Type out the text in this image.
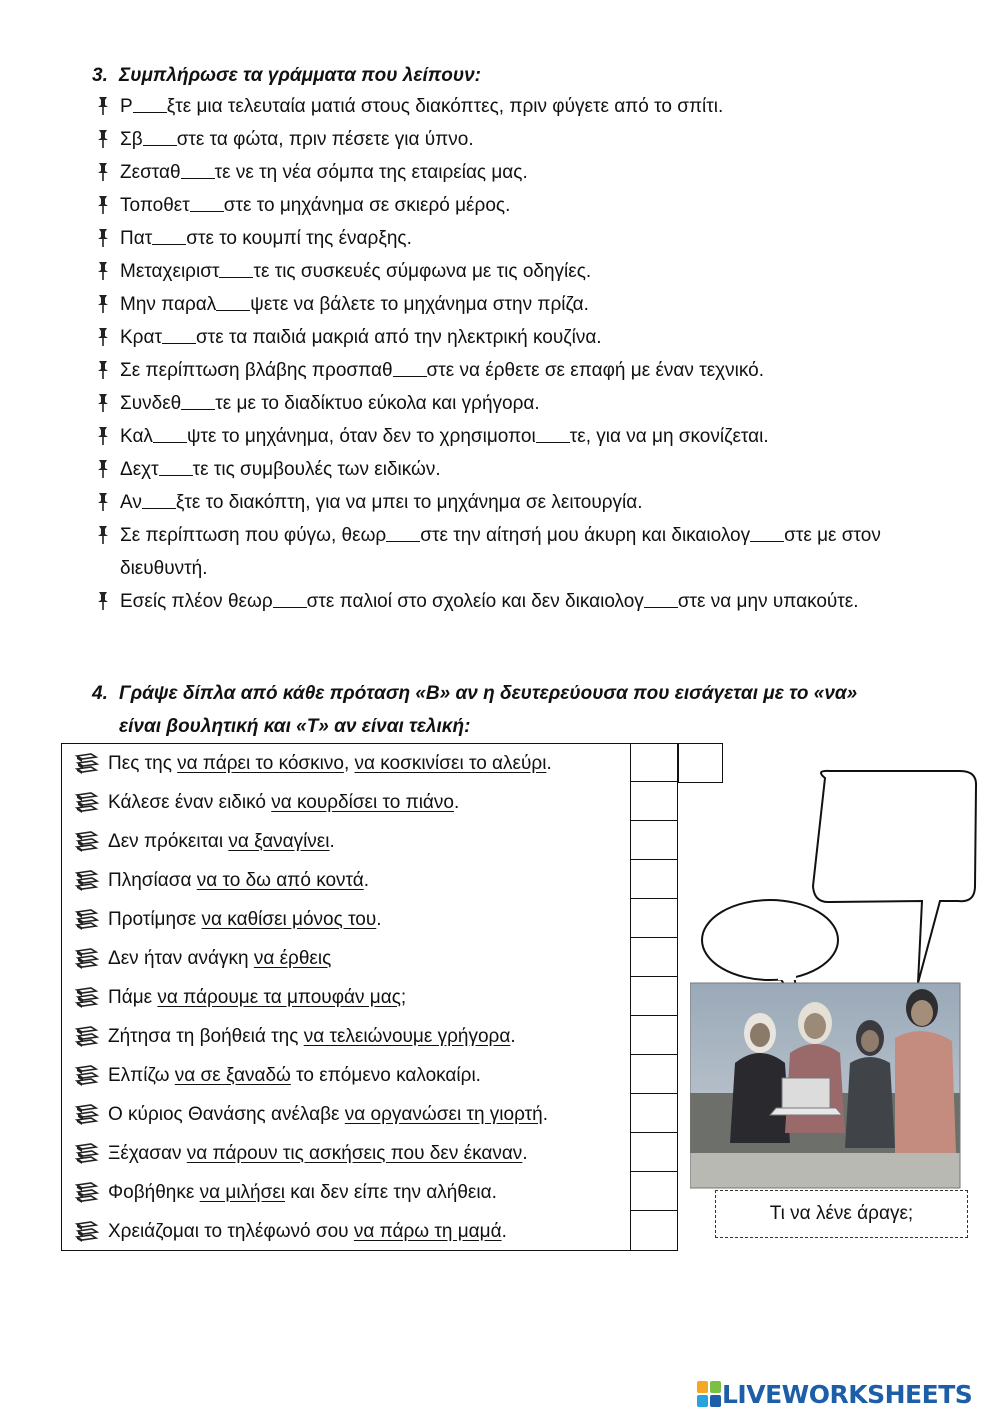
3. Συμπλήρωσε τα γράμματα που λείπουν:
Ρ ξτε μια τελευταία ματιά στους διακόπτες, πριν φύγετε από το σπίτι.
Σβ στε τα φώτα, πριν πέσετε για ύπνο.
Ζεσταθ τε νε τη νέα σόμπα της εταιρείας μας.
Τοποθετ στε το μηχάνημα σε σκιερό μέρος.
Πατ στε το κουμπί της έναρξης.
Μεταχειριστ τε τις συσκευές σύμφωνα με τις οδηγίες.
Μην παραλ ψετε να βάλετε το μηχάνημα στην πρίζα.
Κρατ στε τα παιδιά μακριά από την ηλεκτρική κουζίνα.
Σε περίπτωση βλάβης προσπαθ στε να έρθετε σε επαφή με έναν τεχνικό.
Συνδεθ τε με το διαδίκτυο εύκολα και γρήγορα.
Καλ ψτε το μηχάνημα, όταν δεν το χρησιμοποι τε, για να μη σκονίζεται.
Δεχτ τε τις συμβουλές των ειδικών.
Αν ξτε το διακόπτη, για να μπει το μηχάνημα σε λειτουργία.
Σε περίπτωση που φύγω, θεωρ στε την αίτησή μου άκυρη και δικαιολογ στε με στον διευθυντή.
Εσείς πλέον θεωρ στε παλιοί στο σχολείο και δεν δικαιολογ στε να μην υπακούτε.
4. Γράψε δίπλα από κάθε πρόταση «Β» αν η δευτερεύουσα που εισάγεται με το «να»
είναι βουλητική και «Τ» αν είναι τελική:
Πες της να πάρει το κόσκινο, να κοσκινίσει το αλεύρι.
Κάλεσε έναν ειδικό να κουρδίσει το πιάνο.
Δεν πρόκειται να ξαναγίνει.
Πλησίασα να το δω από κοντά.
Προτίμησε να καθίσει μόνος του.
Δεν ήταν ανάγκη να έρθεις
Πάμε να πάρουμε τα μπουφάν μας;
Ζήτησα τη βοήθειά της να τελειώνουμε γρήγορα.
Ελπίζω να σε ξαναδώ το επόμενο καλοκαίρι.
Ο κύριος Θανάσης ανέλαβε να οργανώσει τη γιορτή.
Ξέχασαν να πάρουν τις ασκήσεις που δεν έκαναν.
Φοβήθηκε να μιλήσει και δεν είπε την αλήθεια.
Χρειάζομαι το τηλέφωνό σου να πάρω τη μαμά.
Τι να λένε άραγε;
LIVEWORKSHEETS
